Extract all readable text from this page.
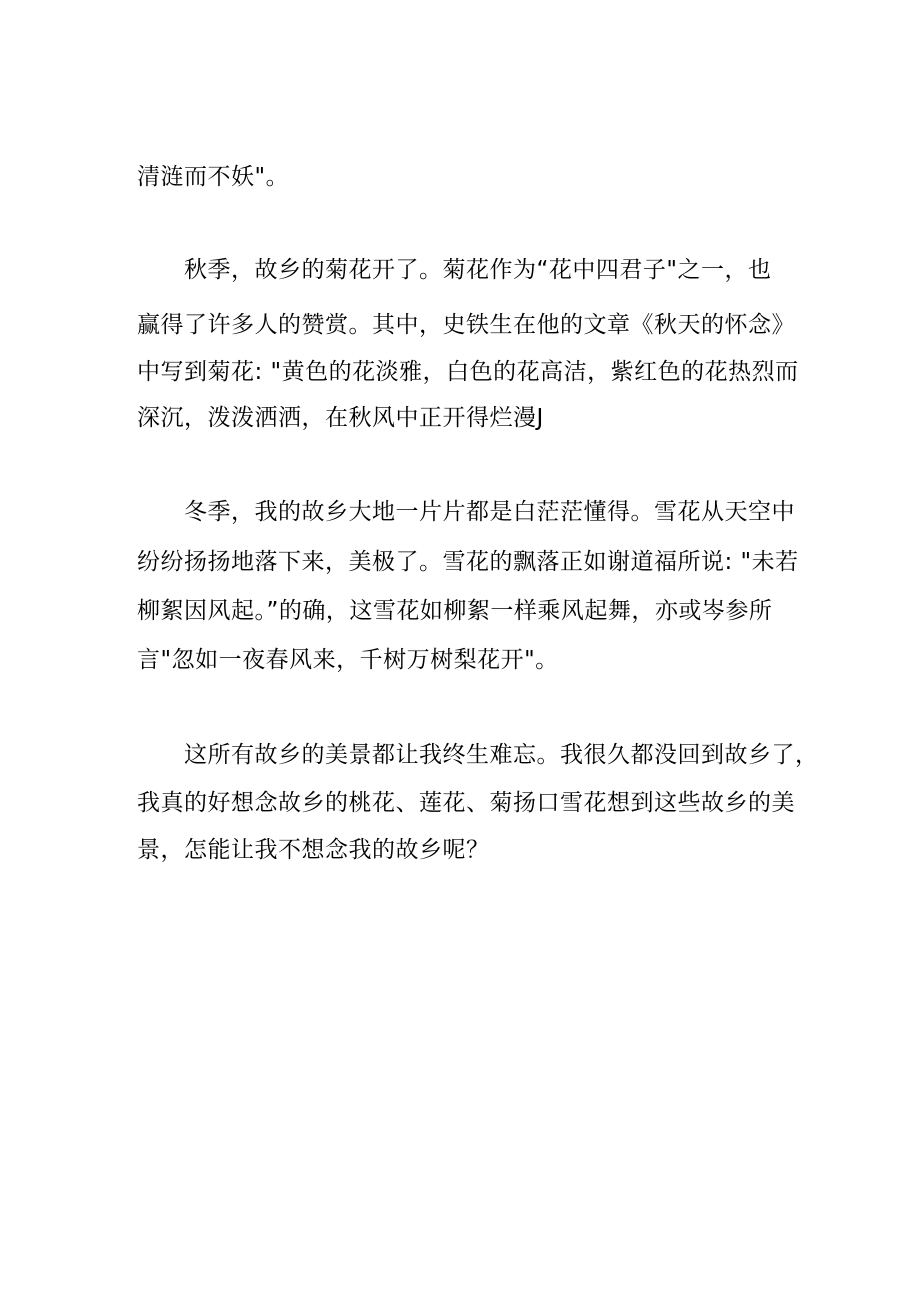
清涟而不妖"。
秋季，故乡的菊花开了。菊花作为“花中四君子"之一，也
赢得了许多人的赞赏。其中，史铁生在他的文章《秋天的怀念》
中写到菊花: "黄色的花淡雅，白色的花高洁，紫红色的花热烈而
深沉，泼泼洒洒，在秋风中正开得烂漫J
冬季，我的故乡大地一片片都是白茫茫懂得。雪花从天空中
纷纷扬扬地落下来，美极了。雪花的飘落正如谢道福所说: "未若
柳絮因风起。”的确，这雪花如柳絮一样乘风起舞，亦或岑参所
言"忽如一夜春风来，千树万树梨花开"。
这所有故乡的美景都让我终生难忘。我很久都没回到故乡了，
我真的好想念故乡的桃花、莲花、菊扬口雪花想到这些故乡的美
景，怎能让我不想念我的故乡呢？
